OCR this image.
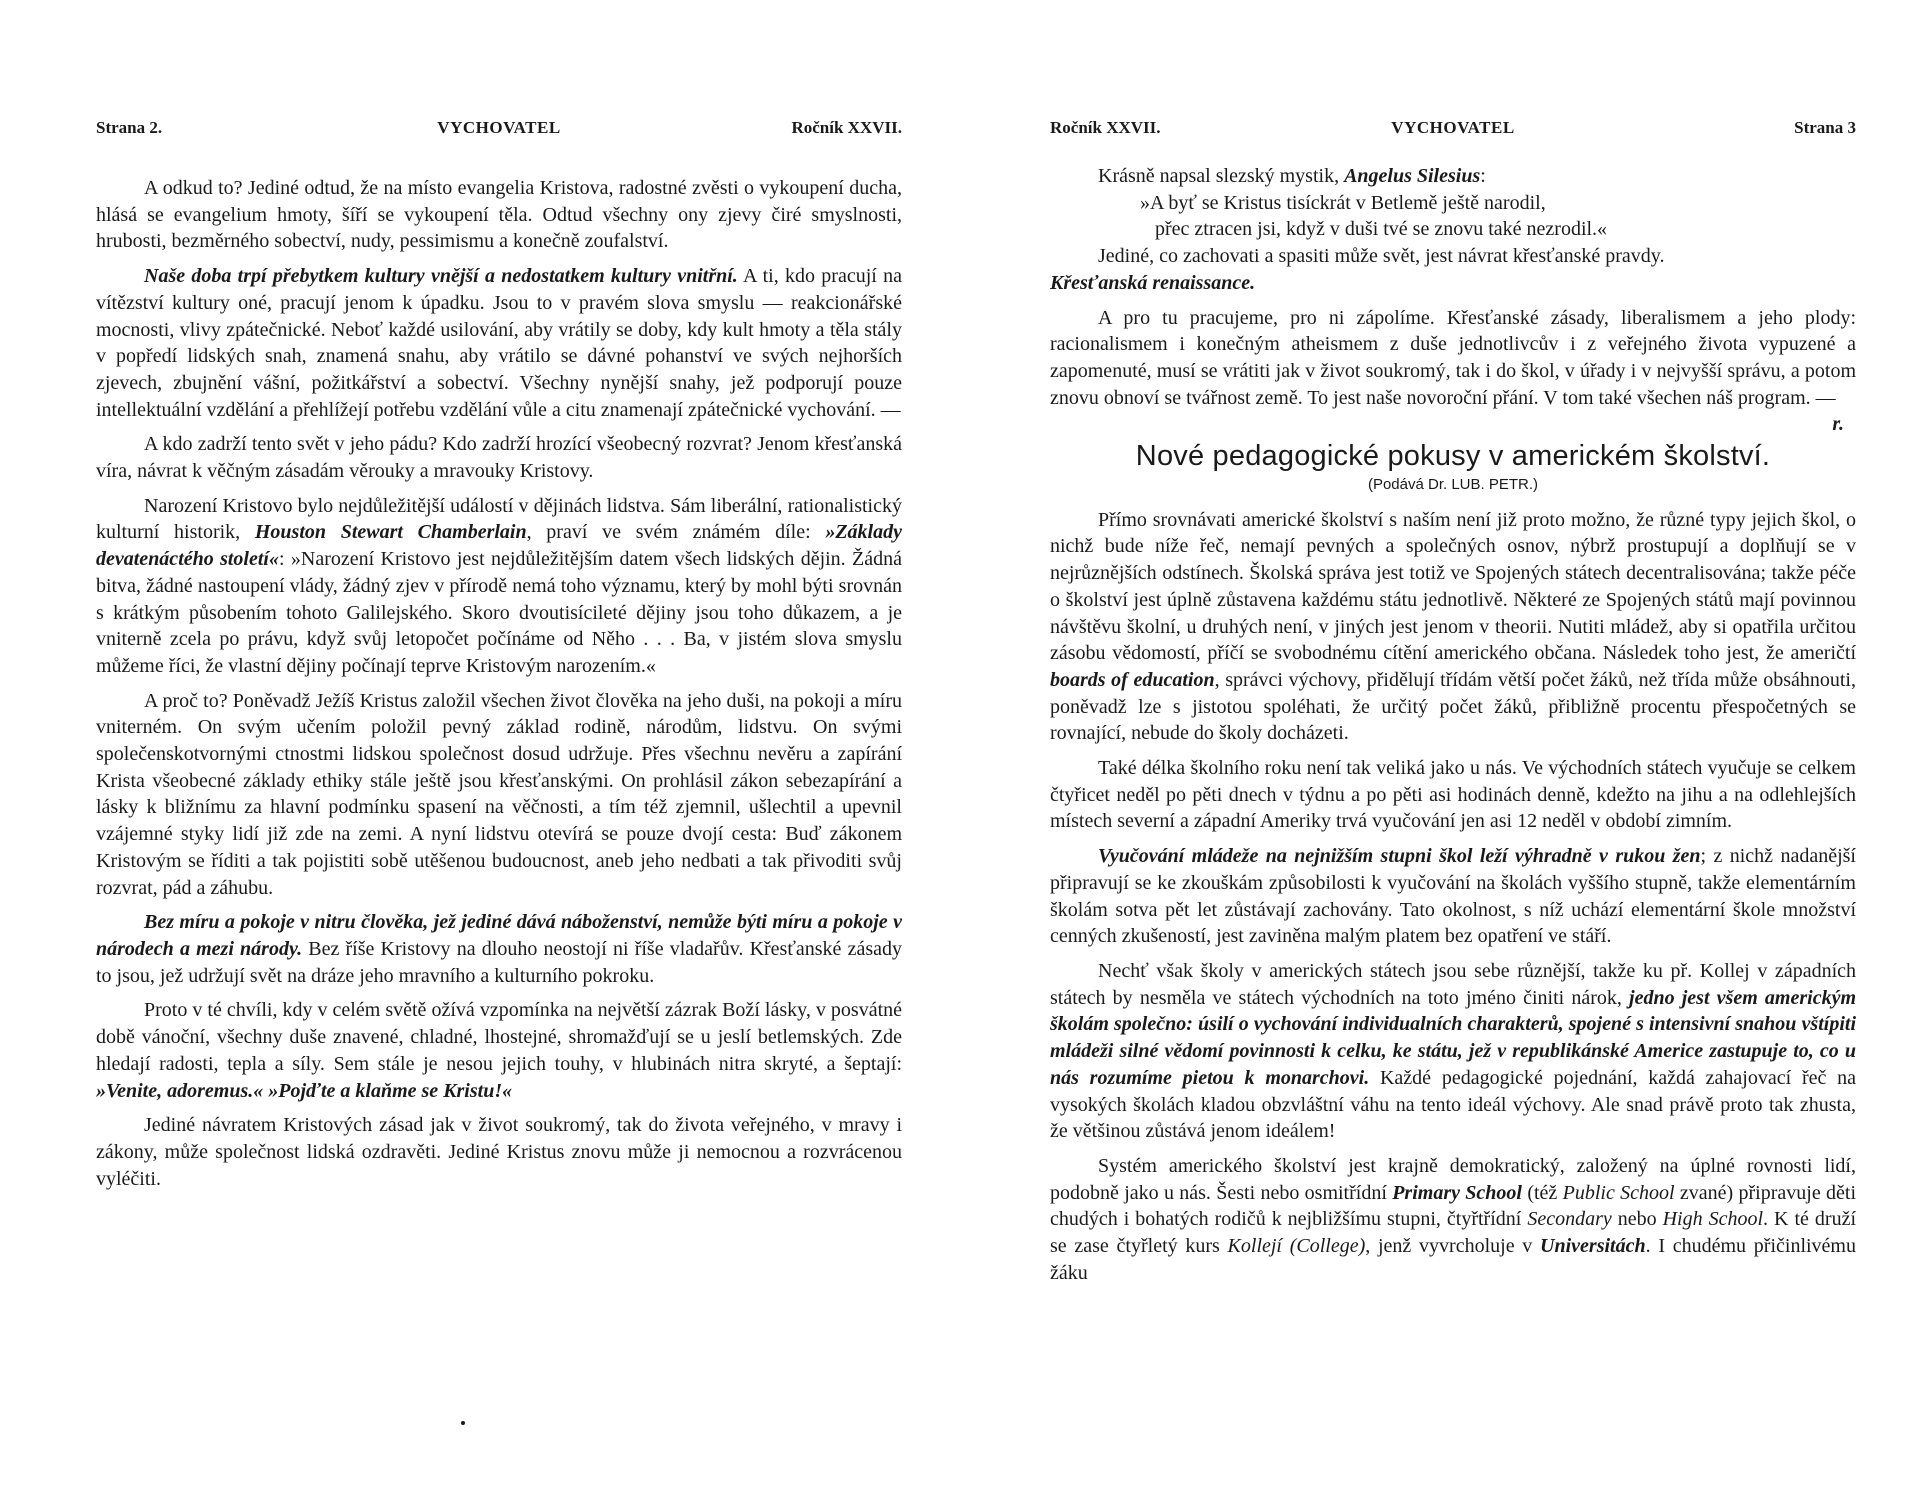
Strana 2.	VYCHOVATEL	Ročník XXVII.

A odkud to? Jediné odtud, že na místo evangelia Kristova, radostné zvěsti o vykoupení ducha, hlásá se evangelium hmoty, šíří se vykoupení těla. Odtud všechny ony zjevy čiré smyslnosti, hrubosti, bezměrného sobectví, nudy, pessimismu a konečně zoufalství.

Naše doba trpí přebytkem kultury vnější a nedostatkem kultury vnitřní. A ti, kdo pracují na vítězství kultury oné, pracují jenom k úpadku. Jsou to v pravém slova smyslu — reakcionářské mocnosti, vlivy zpátečnické. Neboť každé usilování, aby vrátily se doby, kdy kult hmoty a těla stály v popředí lidských snah, znamená snahu, aby vrátilo se dávné pohanství ve svých nejhorších zjevech, zbujnění vášní, požitkářství a sobectví. Všechny nynější snahy, jež podporují pouze intellektuální vzdělání a přehlížejí potřebu vzdělání vůle a citu znamenají zpátečnické vychování. —

A kdo zadrží tento svět v jeho pádu? Kdo zadrží hrozící všeobecný rozvrat? Jenom křesťanská víra, návrat k věčným zásadám věrouky a mravouky Kristovy.

Narození Kristovo bylo nejdůležitější událostí v dějinách lidstva. Sám liberální, rationalistický kulturní historik, Houston Stewart Chamberlain, praví ve svém známém díle: »Základy devatenáctého století«: »Narození Kristovo jest nejdůležitějším datem všech lidských dějin. Žádná bitva, žádné nastoupení vlády, žádný zjev v přírodě nemá toho významu, který by mohl býti srovnán s krátkým působením tohoto Galilejského. Skoro dvoutisícileté dějiny jsou toho důkazem, a je vniterně zcela po právu, když svůj letopočet počínáme od Něho . . . Ba, v jistém slova smyslu můžeme říci, že vlastní dějiny počínají teprve Kristovým narozením.«

A proč to? Poněvadž Ježíš Kristus založil všechen život člověka na jeho duši, na pokoji a míru vniterném. On svým učením položil pevný základ rodině, národům, lidstvu. On svými společenskotvornými ctnostmi lidskou společnost dosud udržuje. Přes všechnu nevěru a zapírání Krista všeobecné základy ethiky stále ještě jsou křesťanskými. On prohlásil zákon sebezapírání a lásky k bližnímu za hlavní podmínku spasení na věčnosti, a tím též zjemnil, ušlechtil a upevnil vzájemné styky lidí již zde na zemi. A nyní lidstvu otevírá se pouze dvojí cesta: Buď zákonem Kristovým se říditi a tak pojistiti sobě utěšenou budoucnost, aneb jeho nedbati a tak přivoditi svůj rozvrat, pád a záhubu.

Bez míru a pokoje v nitru člověka, jež jediné dává náboženství, nemůže býti míru a pokoje v národech a mezi národy. Bez říše Kristovy na dlouho neostojí ni říše vladařův. Křesťanské zásady to jsou, jež udržují svět na dráze jeho mravního a kulturního pokroku.

Proto v té chvíli, kdy v celém světě ožívá vzpomínka na největší zázrak Boží lásky, v posvátné době vánoční, všechny duše znavené, chladné, lhostejné, shromažďují se u jeslí betlemských. Zde hledají radosti, tepla a síly. Sem stále je nesou jejich touhy, v hlubinách nitra skryté, a šeptají: »Venite, adoremus.« »Pojďte a klaňme se Kristu!«

Jediné návratem Kristových zásad jak v život soukromý, tak do života veřejného, v mravy i zákony, může společnost lidská ozdravěti. Jediné Kristus znovu může ji nemocnou a rozvrácenou vyléčiti.

Ročník XXVII.	VYCHOVATEL	Strana 3

Krásně napsal slezský mystik, Angelus Silesius:

»A byť se Kristus tisíckrát v Betlemě ještě narodil,
přec ztracen jsi, když v duši tvé se znovu také nezrodil.«

Jediné, co zachovati a spasiti může svět, jest návrat křesťanské pravdy.

Křesťanská renaissance.

A pro tu pracujeme, pro ni zápolíme. Křesťanské zásady, liberalismem a jeho plody: racionalismem i konečným atheismem z duše jednotlivcův i z veřejného života vypuzené a zapomenuté, musí se vrátiti jak v život soukromý, tak i do škol, v úřady i v nejvyšší správu, a potom znovu obnoví se tvářnost země. To jest naše novoroční přání. V tom také všechen náš program. —
r.

Nové pedagogické pokusy v americkém školství.
(Podává Dr. LUB. PETR.)

Přímo srovnávati americké školství s naším není již proto možno, že různé typy jejich škol, o nichž bude níže řeč, nemají pevných a společných osnov, nýbrž prostupují a doplňují se v nejrůznějších odstínech. Školská správa jest totiž ve Spojených státech decentralisována; takže péče o školství jest úplně zůstavena každému státu jednotlivě. Některé ze Spojených států mají povinnou návštěvu školní, u druhých není, v jiných jest jenom v theorii. Nutiti mládež, aby si opatřila určitou zásobu vědomostí, příčí se svobodnému cítění amerického občana. Následek toho jest, že američtí boards of education, správci výchovy, přidělují třídám větší počet žáků, než třída může obsáhnouti, poněvadž lze s jistotou spoléhati, že určitý počet žáků, přibližně procentu přespočetných se rovnající, nebude do školy docházeti.

Také délka školního roku není tak veliká jako u nás. Ve východních státech vyučuje se celkem čtyřicet neděl po pěti dnech v týdnu a po pěti asi hodinách denně, kdežto na jihu a na odlehlejších místech severní a západní Ameriky trvá vyučování jen asi 12 neděl v období zimním.

Vyučování mládeže na nejnižším stupni škol leží výhradně v rukou žen; z nichž nadanější připravují se ke zkouškám způsobilosti k vyučování na školách vyššího stupně, takže elementárním školám sotva pět let zůstávají zachovány. Tato okolnost, s níž uchází elementární škole množství cenných zkušeností, jest zaviněna malým platem bez opatření ve stáří.

Nechť však školy v amerických státech jsou sebe různější, takže ku př. Kollej v západních státech by nesměla ve státech východních na toto jméno činiti nárok, jedno jest všem americkým školám společno: úsilí o vychování individualních charakterů, spojené s intensivní snahou vštípiti mládeži silné vědomí povinnosti k celku, ke státu, jež v republikánské Americe zastupuje to, co u nás rozumíme pietou k monarchovi. Každé pedagogické pojednání, každá zahajovací řeč na vysokých školách kladou obzvláštní váhu na tento ideál výchovy. Ale snad právě proto tak zhusta, že většinou zůstává jenom ideálem!

Systém amerického školství jest krajně demokratický, založený na úplné rovnosti lidí, podobně jako u nás. Šesti nebo osmitřídní Primary School (též Public School zvané) připravuje děti chudých i bohatých rodičů k nejbližšímu stupni, čtyřtřídní Secondary nebo High School. K té druží se zase čtyřletý kurs Kollejí (College), jenž vyvrcholuje v Universitách. I chudému přičinlivému žáku
